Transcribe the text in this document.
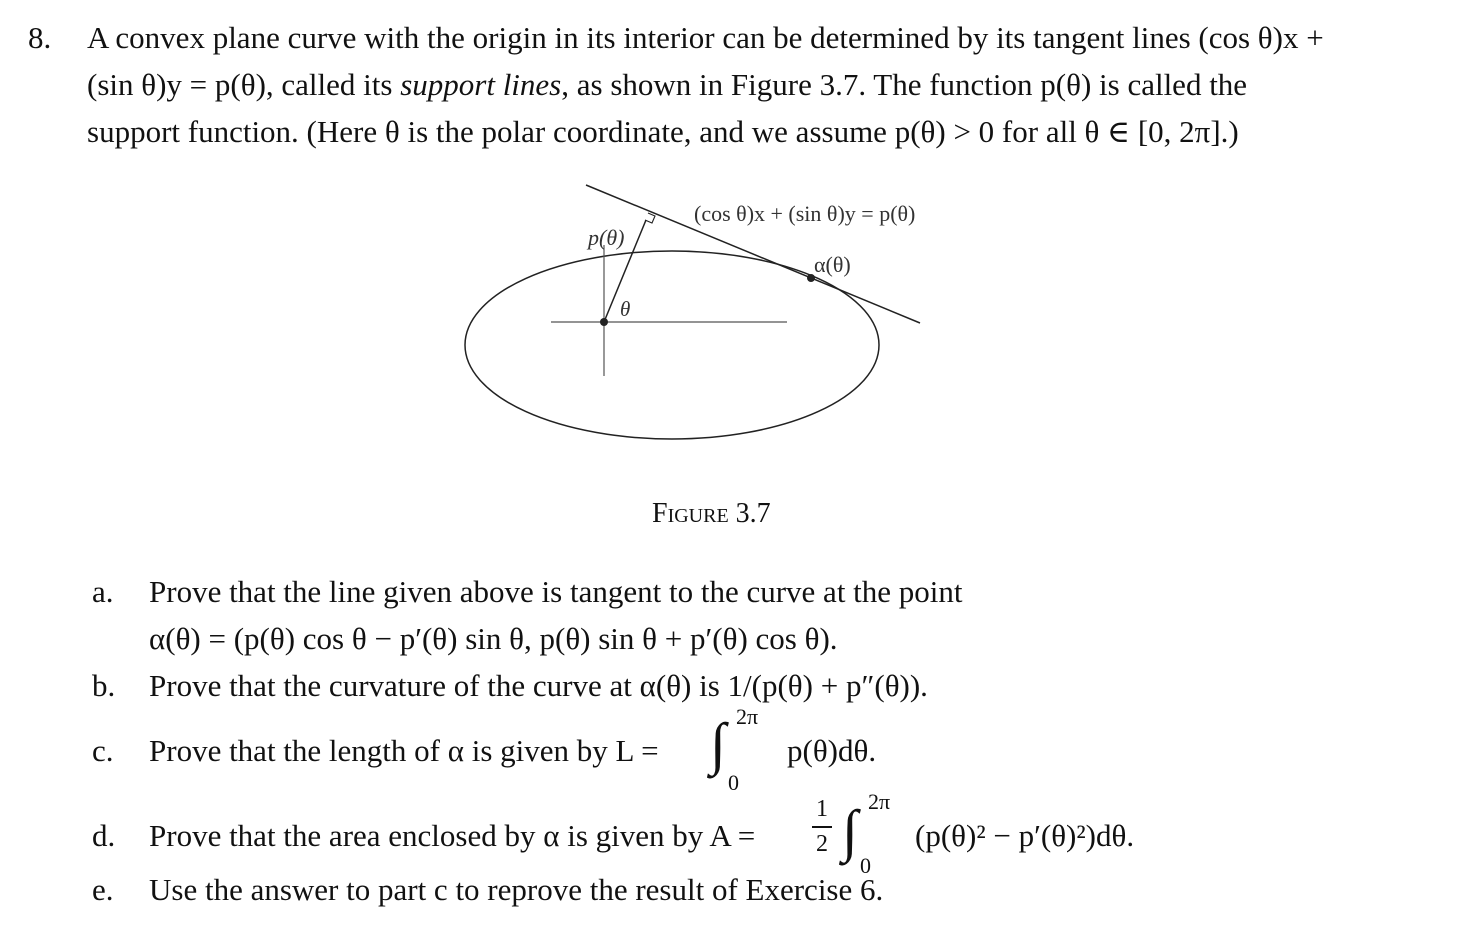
8. A convex plane curve with the origin in its interior can be determined by its tangent lines (cos θ)x +
(sin θ)y = p(θ), called its support lines, as shown in Figure 3.7. The function p(θ) is called the
support function. (Here θ is the polar coordinate, and we assume p(θ) > 0 for all θ ∈ [0, 2π].)
p(θ)
θ
(cos θ)x + (sin θ)y = p(θ)
α(θ)
Figure 3.7
a. Prove that the line given above is tangent to the curve at the point
α(θ) = (p(θ) cos θ − p′(θ) sin θ, p(θ) sin θ + p′(θ) cos θ).
b. Prove that the curvature of the curve at α(θ) is 1/(p(θ) + p″(θ)).
c. Prove that the length of α is given by L = ∫ 2π
0
p(θ)dθ.
d. Prove that the area enclosed by α is given by A =
1
2 ∫ 2π
0
(p(θ)² − p′(θ)²)dθ.
e. Use the answer to part c to reprove the result of Exercise 6.
